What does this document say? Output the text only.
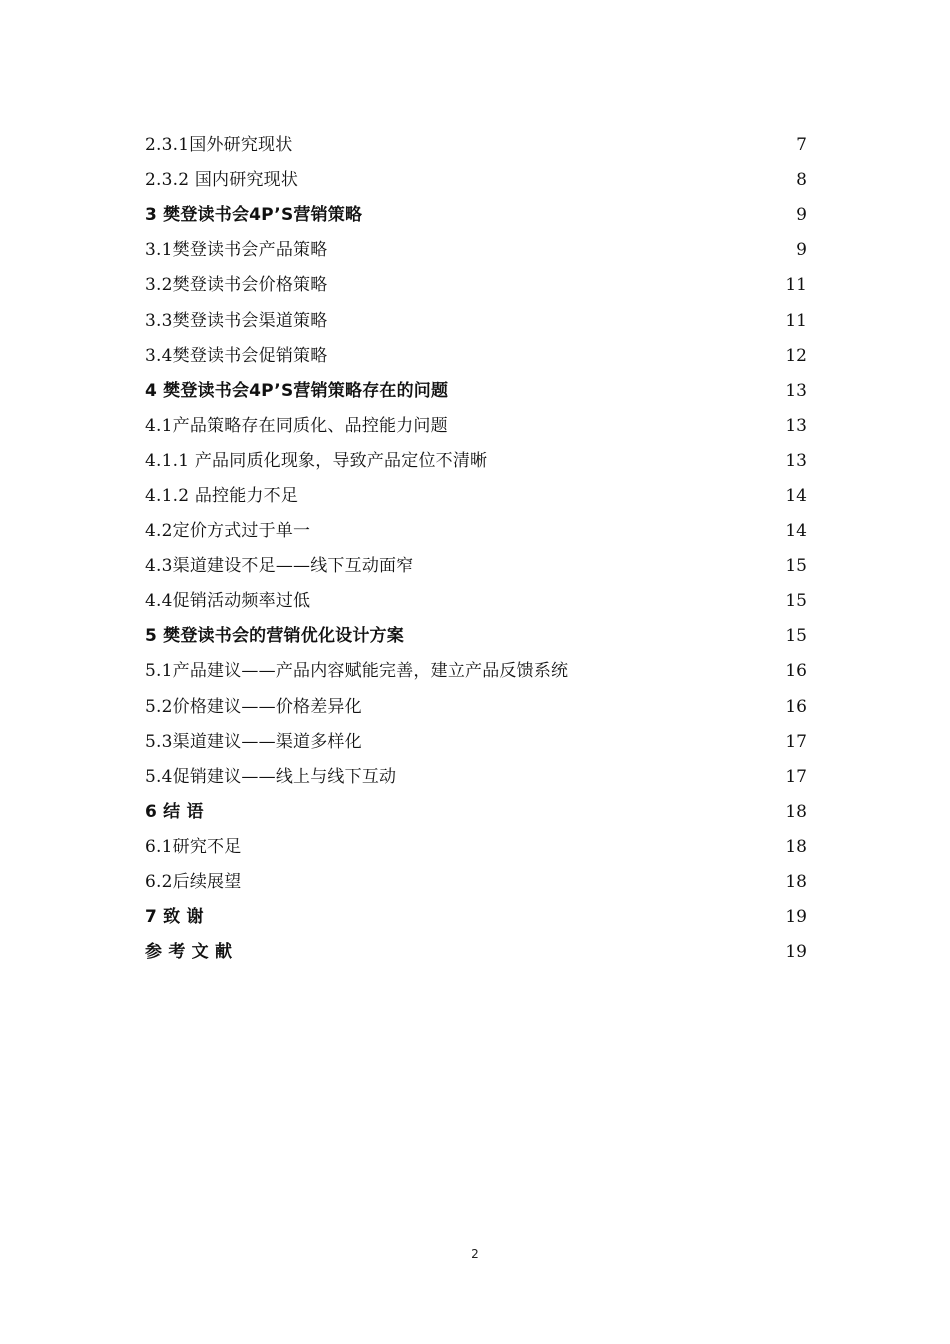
2.3.1国外研究现状	7
2.3.2 国内研究现状	8
3 樊登读书会4P’S营销策略	9
3.1樊登读书会产品策略	9
3.2樊登读书会价格策略	11
3.3樊登读书会渠道策略	11
3.4樊登读书会促销策略	12
4 樊登读书会4P’S营销策略存在的问题	13
4.1产品策略存在同质化、品控能力问题	13
4.1.1 产品同质化现象，导致产品定位不清晰	13
4.1.2 品控能力不足	14
4.2定价方式过于单一	14
4.3渠道建设不足——线下互动面窄	15
4.4促销活动频率过低	15
5 樊登读书会的营销优化设计方案	15
5.1产品建议——产品内容赋能完善，建立产品反馈系统	16
5.2价格建议——价格差异化	16
5.3渠道建议——渠道多样化	17
5.4促销建议——线上与线下互动	17
6 结 语	18
6.1研究不足	18
6.2后续展望	18
7 致 谢	19
参 考 文 献	19
2
